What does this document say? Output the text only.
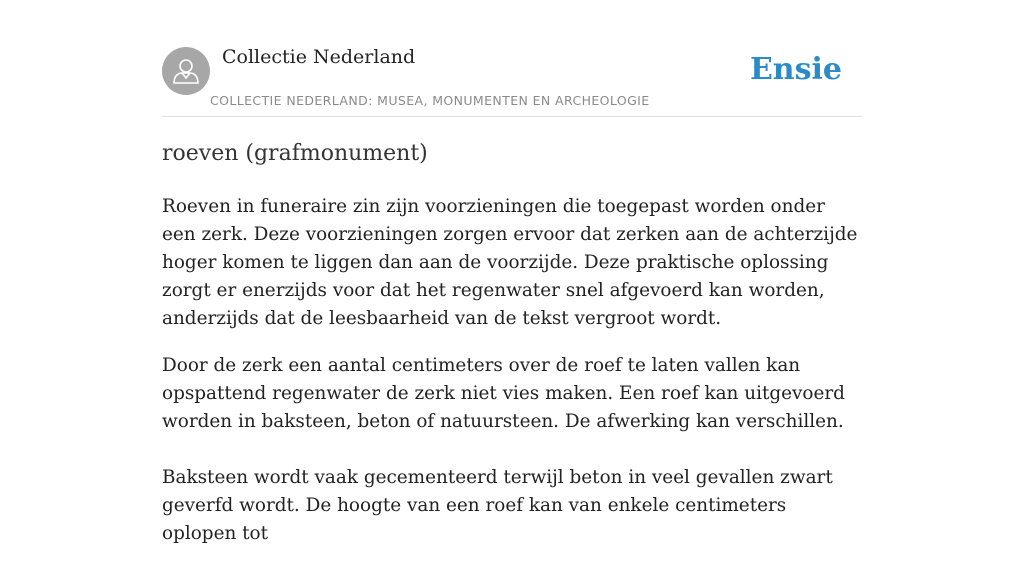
Collectie Nederland
COLLECTIE NEDERLAND: MUSEA, MONUMENTEN EN ARCHEOLOGIE
Ensie
roeven (grafmonument)

Roeven in funeraire zin zijn voorzieningen die toegepast worden onder een zerk. Deze voorzieningen zorgen ervoor dat zerken aan de achterzijde hoger komen te liggen dan aan de voorzijde. Deze praktische oplossing zorgt er enerzijds voor dat het regenwater snel afgevoerd kan worden, anderzijds dat de leesbaarheid van de tekst vergroot wordt.

Door de zerk een aantal centimeters over de roef te laten vallen kan opspattend regenwater de zerk niet vies maken. Een roef kan uitgevoerd worden in baksteen, beton of natuursteen. De afwerking kan verschillen.

Baksteen wordt vaak gecementeerd terwijl beton in veel gevallen zwart geverfd wordt. De hoogte van een roef kan van enkele centimeters oplopen tot
